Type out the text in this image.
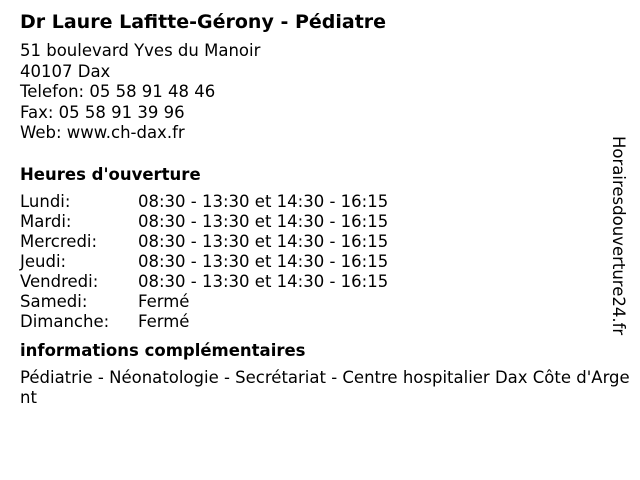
Dr Laure Lafitte-Gérony - Pédiatre
51 boulevard Yves du Manoir
40107 Dax
Telefon: 05 58 91 48 46
Fax: 05 58 91 39 96
Web: www.ch-dax.fr
Heures d'ouverture
Lundi:	08:30 - 13:30 et 14:30 - 16:15
Mardi:	08:30 - 13:30 et 14:30 - 16:15
Mercredi:	08:30 - 13:30 et 14:30 - 16:15
Jeudi:	08:30 - 13:30 et 14:30 - 16:15
Vendredi:	08:30 - 13:30 et 14:30 - 16:15
Samedi:	Fermé
Dimanche:	Fermé
informations complémentaires
Pédiatrie - Néonatologie - Secrétariat - Centre hospitalier Dax Côte d'Argent
Horairesdouverture24.fr
